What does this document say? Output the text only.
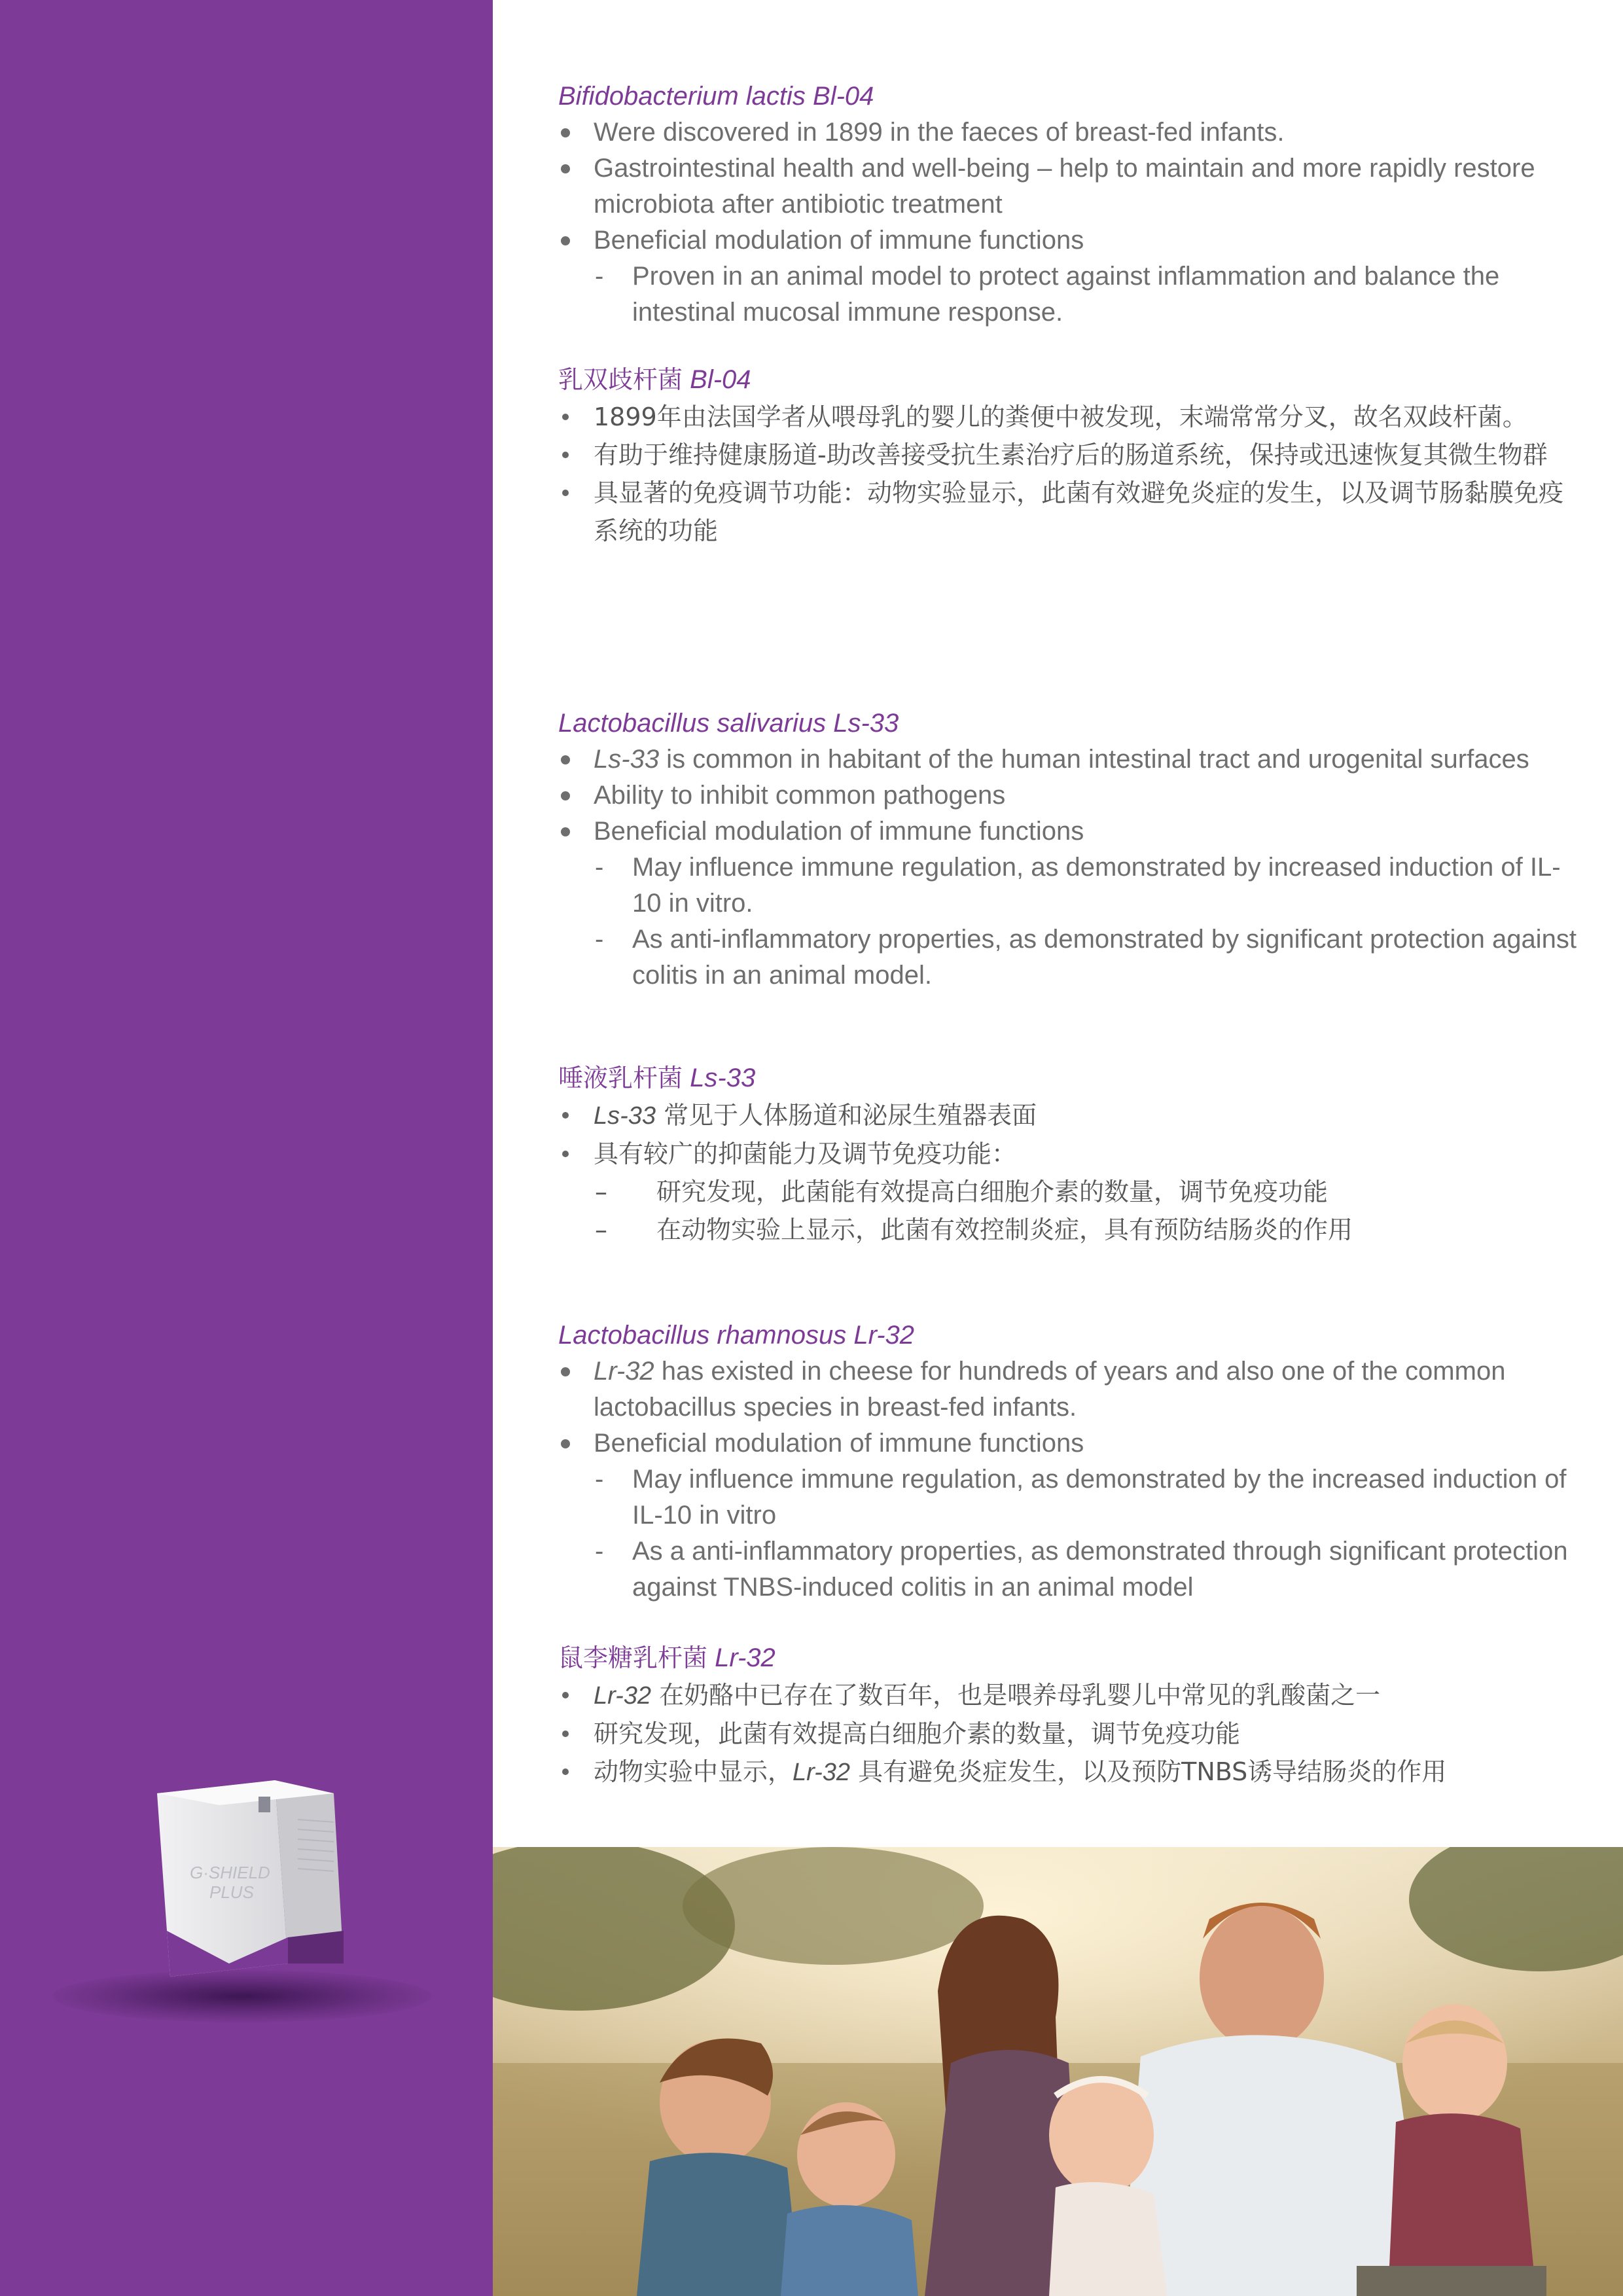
G·SHIELD
PLUS

Bifidobacterium lactis Bl-04

Were discovered in 1899 in the faeces of breast-fed infants.
Gastrointestinal health and well-being – help to maintain and more rapidly restore microbiota after antibiotic treatment
Beneficial modulation of immune functions
- Proven in an animal model to protect against inflammation and balance the intestinal mucosal immune response.

乳双歧杆菌 Bl-04

1899年由法国学者从喂母乳的婴儿的粪便中被发现，末端常常分叉，故名双歧杆菌。
有助于维持健康肠道-助改善接受抗生素治疗后的肠道系统，保持或迅速恢复其微生物群
具显著的免疫调节功能：动物实验显示，此菌有效避免炎症的发生，以及调节肠黏膜免疫系统的功能

Lactobacillus salivarius Ls-33

Ls-33 is common in habitant of the human intestinal tract and urogenital surfaces
Ability to inhibit common pathogens
Beneficial modulation of immune functions
- May influence immune regulation, as demonstrated by increased induction of IL-10 in vitro.
- As anti-inflammatory properties, as demonstrated by significant protection against colitis in an animal model.

唾液乳杆菌 Ls-33

Ls-33 常见于人体肠道和泌尿生殖器表面
具有较广的抑菌能力及调节免疫功能：
– 研究发现，此菌能有效提高白细胞介素的数量，调节免疫功能
– 在动物实验上显示，此菌有效控制炎症，具有预防结肠炎的作用

Lactobacillus rhamnosus Lr-32

Lr-32 has existed in cheese for hundreds of years and also one of the common lactobacillus species in breast-fed infants.
Beneficial modulation of immune functions
- May influence immune regulation, as demonstrated by the increased induction of IL-10 in vitro
- As a anti-inflammatory properties, as demonstrated through significant protection against TNBS-induced colitis in an animal model

鼠李糖乳杆菌 Lr-32

Lr-32 在奶酪中已存在了数百年，也是喂养母乳婴儿中常见的乳酸菌之一
研究发现，此菌有效提高白细胞介素的数量，调节免疫功能
动物实验中显示，Lr-32 具有避免炎症发生，以及预防TNBS诱导结肠炎的作用
